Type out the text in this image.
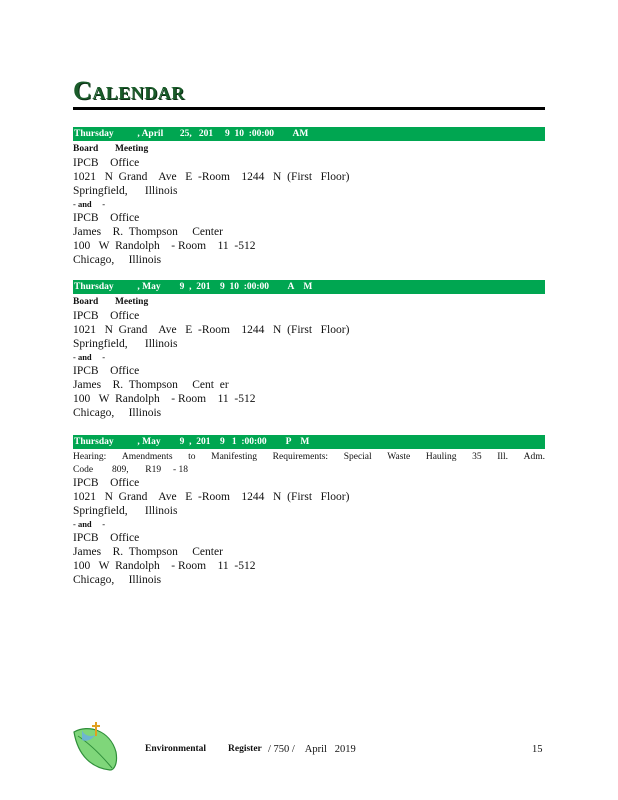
Calendar
Thursday          , April       25,   201     9  10  :00:00        AM
Board       Meeting
IPCB    Office
1021   N  Grand    Ave   E  -Room    1244   N  (First   Floor)
Springfield,      Illinois
- and     -
IPCB    Office
James    R.  Thompson     Center
100   W  Randolph    - Room    11  -512
Chicago,     Illinois
Thursday          , May        9  ,  201    9  10  :00:00        A    M
Board       Meeting
IPCB    Office
1021   N  Grand    Ave   E  -Room    1244   N  (First   Floor)
Springfield,      Illinois
- and     -
IPCB    Office
James    R.  Thompson     Cent  er
100   W  Randolph    - Room    11  -512
Chicago,     Illinois
Thursday          , May        9  ,  201    9   1  :00:00        P    M
Hearing: Amendments to Manifesting Requirements: Special Waste Hauling 35 Ill. Adm.
Code        809,       R19     - 18
IPCB    Office
1021   N  Grand    Ave   E  -Room    1244   N  (First   Floor)
Springfield,      Illinois
- and     -
IPCB    Office
James    R.  Thompson     Center
100   W  Randolph    - Room    11  -512
Chicago,     Illinois
Environmental Register / 750 /    April   2019	15
